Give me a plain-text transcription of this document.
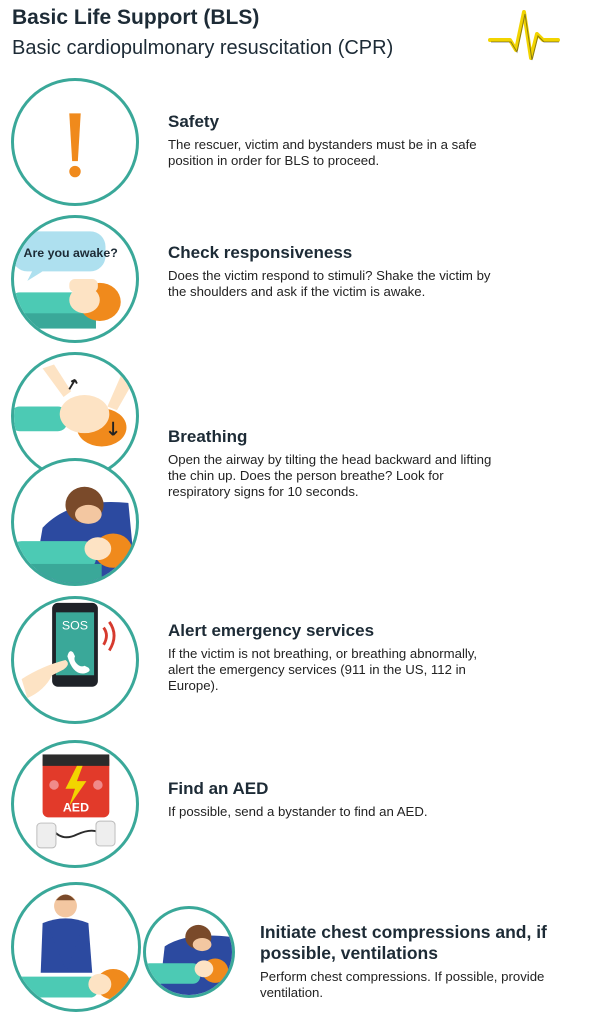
Basic Life Support (BLS)
Basic cardiopulmonary resuscitation (CPR)
Safety

The rescuer, victim and bystanders must be in a safe position in order for BLS to proceed.

Are you awake?	Check responsiveness

Does the victim respond to stimuli? Shake the victim by the shoulders and ask if the victim is awake.

Breathing

Open the airway by tilting the head backward and lifting the chin up. Does the person breathe? Look for respiratory signs for 10 seconds.

SOS	Alert emergency services

If the victim is not breathing, or breathing abnormally, alert the emergency services (911 in the US, 112 in Europe).

AED
Find an AED

If possible, send a bystander to find an AED.

Initiate chest compressions and, if possible, ventilations

Perform chest compressions. If possible, provide ventilation.
